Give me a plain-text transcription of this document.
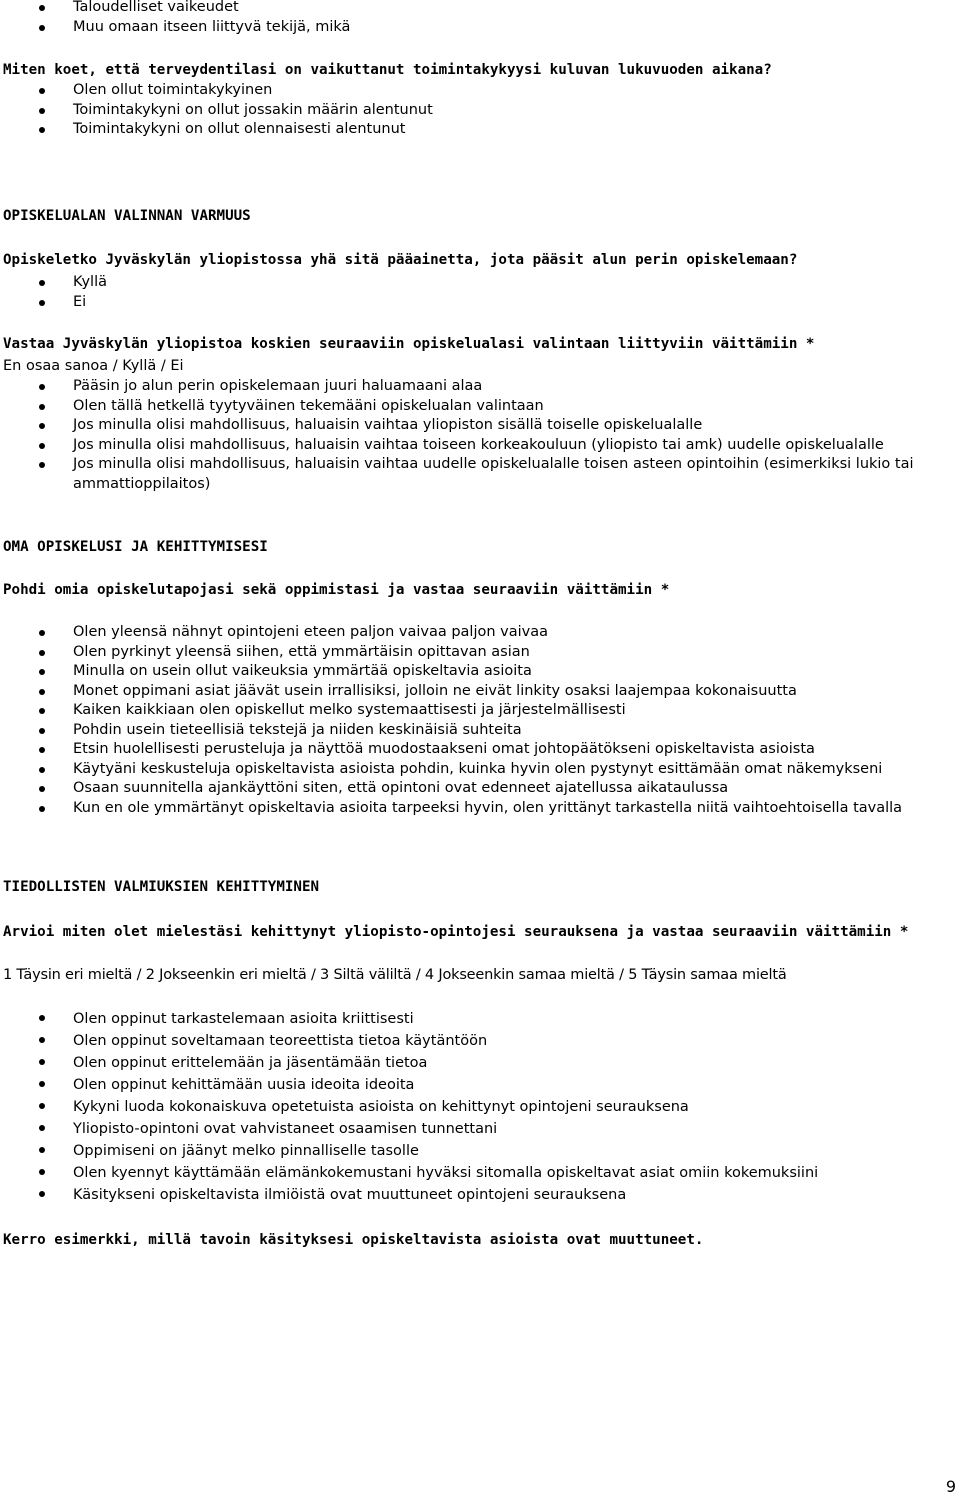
Taloudelliset vaikeudet
Muu omaan itseen liittyvä tekijä, mikä

Miten koet, että terveydentilasi on vaikuttanut toimintakykyysi kuluvan lukuvuoden aikana?

Olen ollut toimintakykyinen
Toimintakykyni on ollut jossakin määrin alentunut
Toimintakykyni on ollut olennaisesti alentunut

OPISKELUALAN VALINNAN VARMUUS

Opiskeletko Jyväskylän yliopistossa yhä sitä pääainetta, jota pääsit alun perin opiskelemaan?

Kyllä
Ei

Vastaa Jyväskylän yliopistoa koskien seuraaviin opiskelualasi valintaan liittyviin väittämiin *

En osaa sanoa / Kyllä / Ei

Pääsin jo alun perin opiskelemaan juuri haluamaani alaa
Olen tällä hetkellä tyytyväinen tekemääni opiskelualan valintaan
Jos minulla olisi mahdollisuus, haluaisin vaihtaa yliopiston sisällä toiselle opiskelualalle
Jos minulla olisi mahdollisuus, haluaisin vaihtaa toiseen korkeakouluun (yliopisto tai amk) uudelle opiskelualalle
Jos minulla olisi mahdollisuus, haluaisin vaihtaa uudelle opiskelualalle toisen asteen opintoihin (esimerkiksi lukio tai ammattioppilaitos)

OMA OPISKELUSI JA KEHITTYMISESI

Pohdi omia opiskelutapojasi sekä oppimistasi ja vastaa seuraaviin väittämiin *

Olen yleensä nähnyt opintojeni eteen paljon vaivaa paljon vaivaa
Olen pyrkinyt yleensä siihen, että ymmärtäisin opittavan asian
Minulla on usein ollut vaikeuksia ymmärtää opiskeltavia asioita
Monet oppimani asiat jäävät usein irrallisiksi, jolloin ne eivät linkity osaksi laajempaa kokonaisuutta
Kaiken kaikkiaan olen opiskellut melko systemaattisesti ja järjestelmällisesti
Pohdin usein tieteellisiä tekstejä ja niiden keskinäisiä suhteita
Etsin huolellisesti perusteluja ja näyttöä muodostaakseni omat johtopäätökseni opiskeltavista asioista
Käytyäni keskusteluja opiskeltavista asioista pohdin, kuinka hyvin olen pystynyt esittämään omat näkemykseni
Osaan suunnitella ajankäyttöni siten, että opintoni ovat edenneet ajatellussa aikataulussa
Kun en ole ymmärtänyt opiskeltavia asioita tarpeeksi hyvin, olen yrittänyt tarkastella niitä vaihtoehtoisella tavalla

TIEDOLLISTEN VALMIUKSIEN KEHITTYMINEN

Arvioi miten olet mielestäsi kehittynyt yliopisto-opintojesi seurauksena ja vastaa seuraaviin väittämiin *

1 Täysin eri mieltä / 2 Jokseenkin eri mieltä / 3 Siltä väliltä / 4 Jokseenkin samaa mieltä / 5 Täysin samaa mieltä

Olen oppinut tarkastelemaan asioita kriittisesti
Olen oppinut soveltamaan teoreettista tietoa käytäntöön
Olen oppinut erittelemään ja jäsentämään tietoa
Olen oppinut kehittämään uusia ideoita ideoita
Kykyni luoda kokonaiskuva opetetuista asioista on kehittynyt opintojeni seurauksena
Yliopisto-opintoni ovat vahvistaneet osaamisen tunnettani
Oppimiseni on jäänyt melko pinnalliselle tasolle
Olen kyennyt käyttämään elämänkokemustani hyväksi sitomalla opiskeltavat asiat omiin kokemuksiini
Käsitykseni opiskeltavista ilmiöistä ovat muuttuneet opintojeni seurauksena

Kerro esimerkki, millä tavoin käsityksesi opiskeltavista asioista ovat muuttuneet.

9
